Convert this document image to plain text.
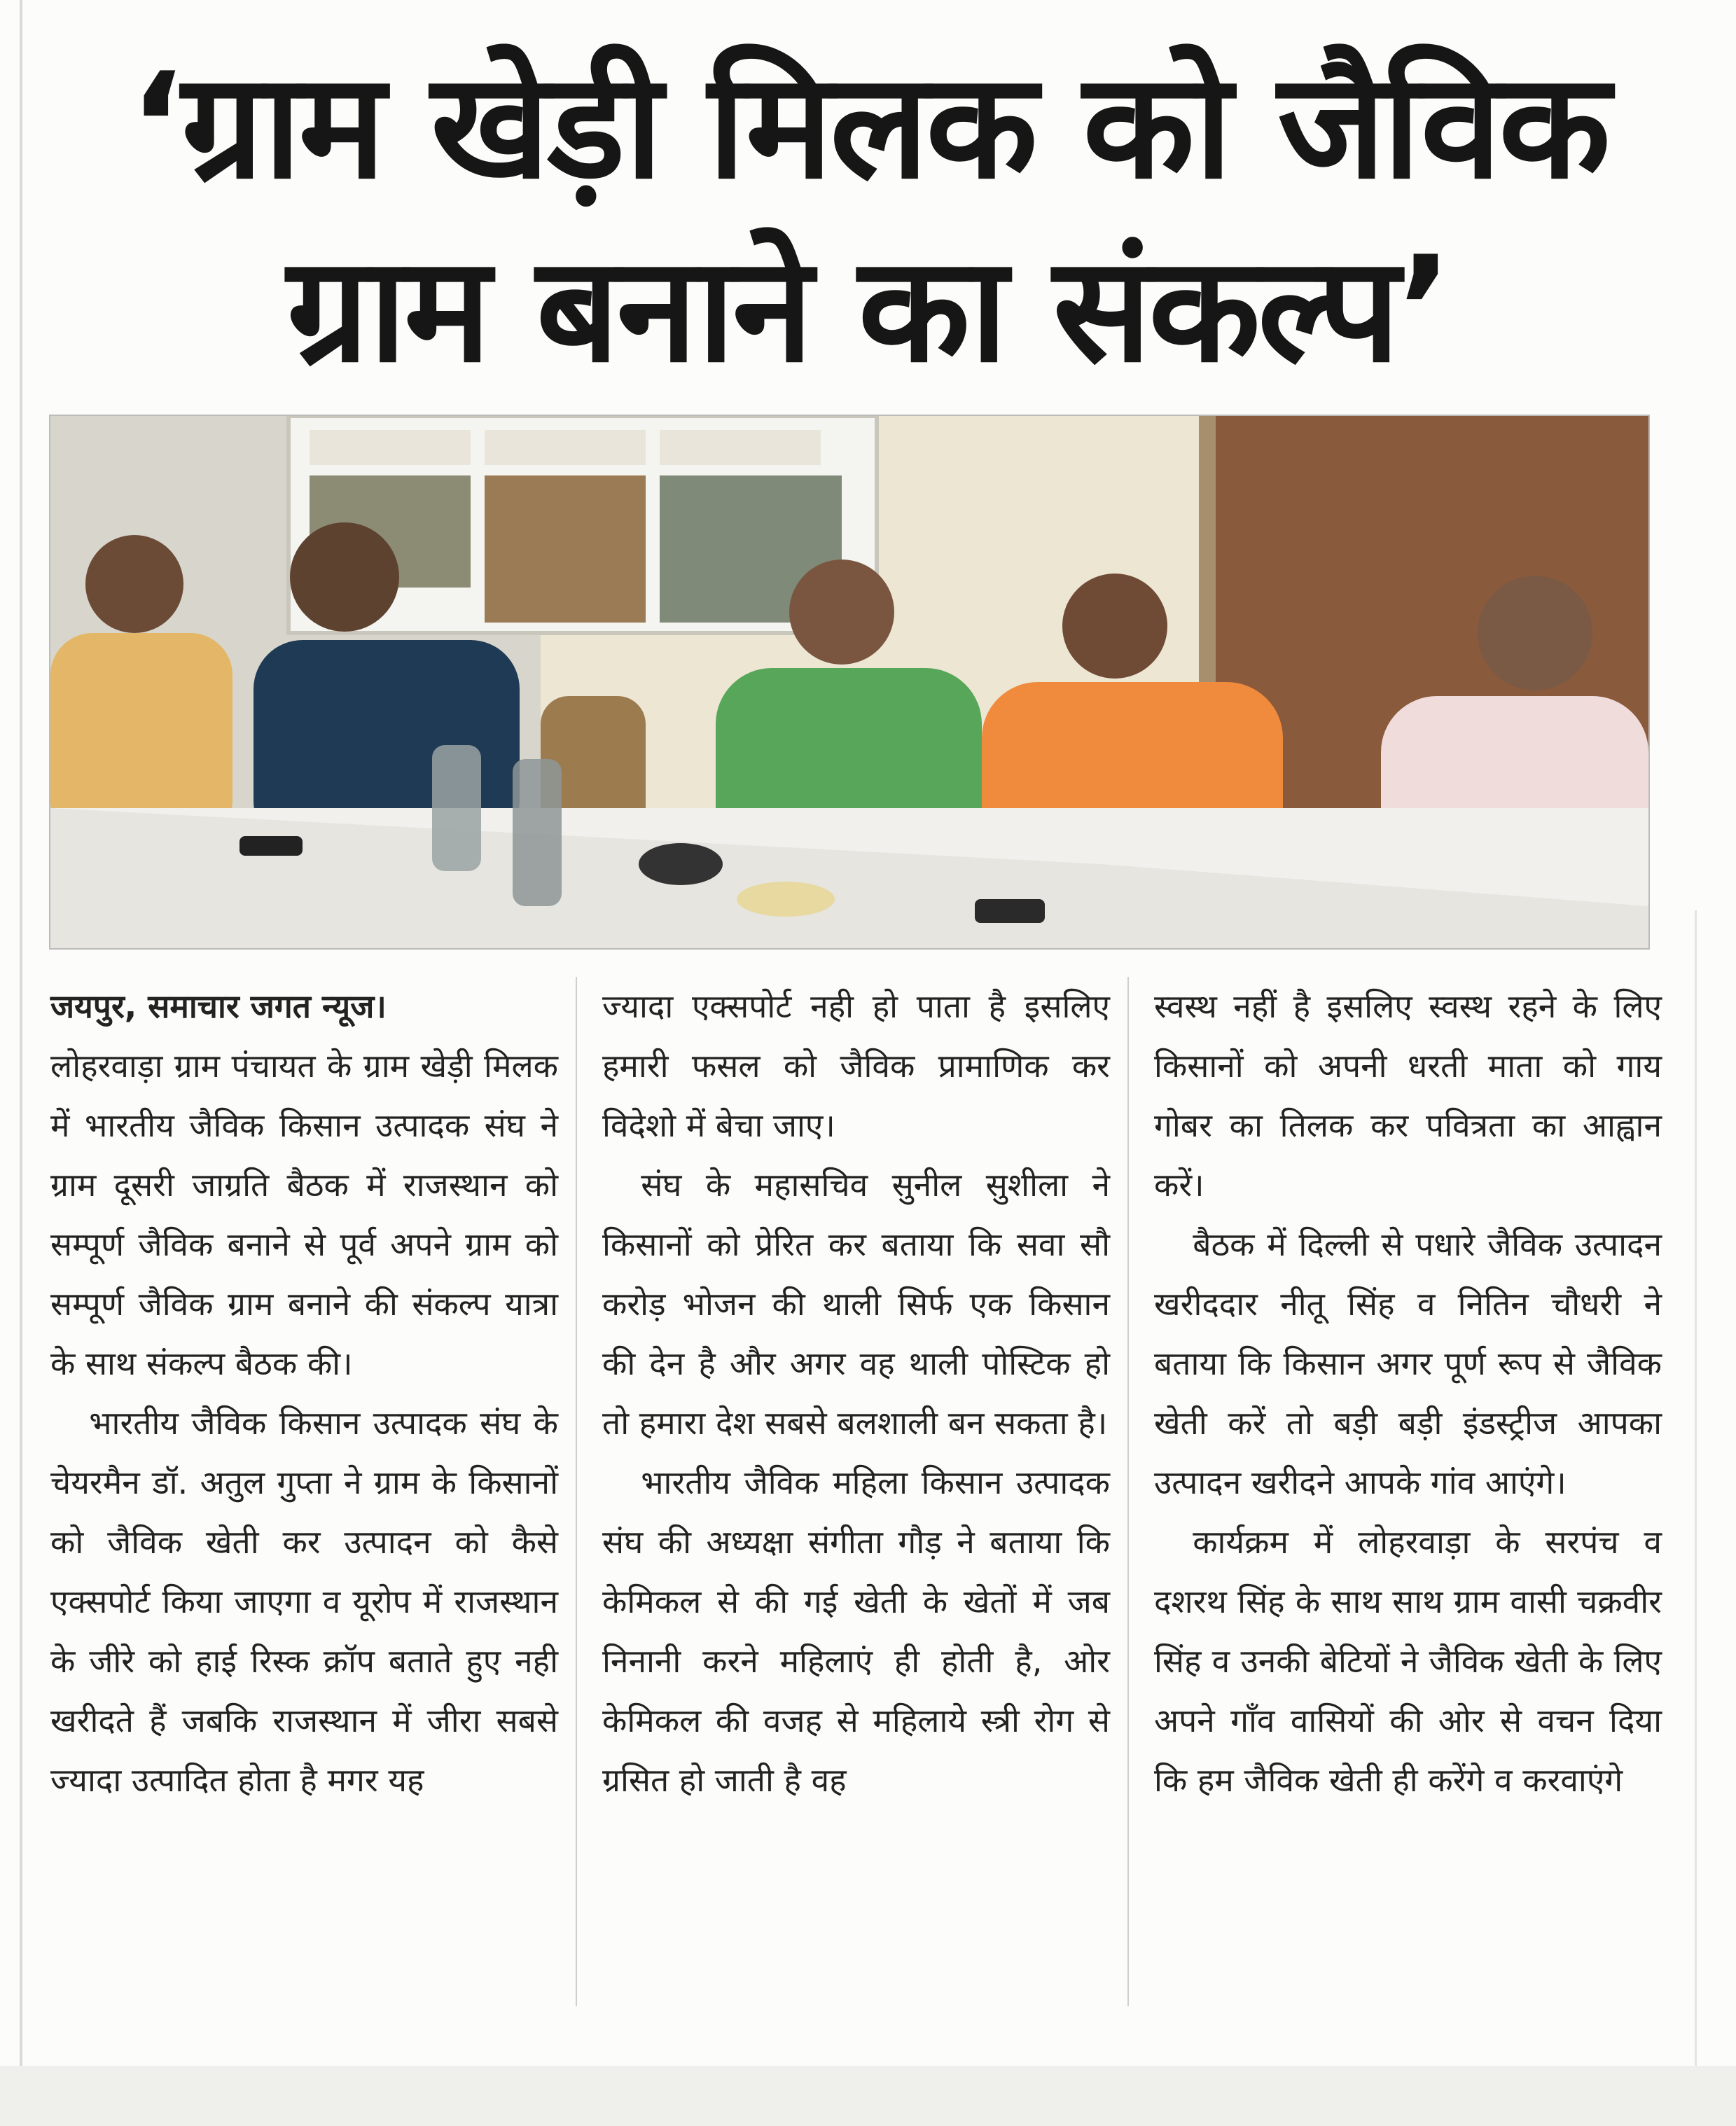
‘ग्राम खेड़ी मिलक को जैविक
ग्राम बनाने का संकल्प’

जयपुर, समाचार जगत न्यूज।
लोहरवाड़ा ग्राम पंचायत के ग्राम खेड़ी मिलक में भारतीय जैविक किसान उत्पादक संघ ने ग्राम दूसरी जाग्रति बैठक में राजस्थान को सम्पूर्ण जैविक बनाने से पूर्व अपने ग्राम को सम्पूर्ण जैविक ग्राम बनाने की संकल्प यात्रा के साथ संकल्प बैठक की।

भारतीय जैविक किसान उत्पादक संघ के चेयरमैन डॉ. अतुल गुप्ता ने ग्राम के किसानों को जैविक खेती कर उत्पादन को कैसे एक्सपोर्ट किया जाएगा व यूरोप में राजस्थान के जीरे को हाई रिस्क क्रॉप बताते हुए नही खरीदते हैं जबकि राजस्थान में जीरा सबसे ज्यादा उत्पादित होता है मगर यह

ज्यादा एक्सपोर्ट नही हो पाता है इसलिए हमारी फसल को जैविक प्रामाणिक कर विदेशो में बेचा जाए।

संघ के महासचिव सुनील सुशीला ने किसानों को प्रेरित कर बताया कि सवा सौ करोड़ भोजन की थाली सिर्फ एक किसान की देन है और अगर वह थाली पोस्टिक हो तो हमारा देश सबसे बलशाली बन सकता है।

भारतीय जैविक महिला किसान उत्पादक संघ की अध्यक्षा संगीता गौड़ ने बताया कि केमिकल से की गई खेती के खेतों में जब निनानी करने महिलाएं ही होती है, ओर केमिकल की वजह से महिलाये स्त्री रोग से ग्रसित हो जाती है वह

स्वस्थ नहीं है इसलिए स्वस्थ रहने के लिए किसानों को अपनी धरती माता को गाय गोबर का तिलक कर पवित्रता का आह्वान करें।

बैठक में दिल्ली से पधारे जैविक उत्पादन खरीददार नीतू सिंह व नितिन चौधरी ने बताया कि किसान अगर पूर्ण रूप से जैविक खेती करें तो बड़ी बड़ी इंडस्ट्रीज आपका उत्पादन खरीदने आपके गांव आएंगे।

कार्यक्रम में लोहरवाड़ा के सरपंच व दशरथ सिंह के साथ साथ ग्राम वासी चक्रवीर सिंह व उनकी बेटियों ने जैविक खेती के लिए अपने गाँव वासियों की ओर से वचन दिया कि हम जैविक खेती ही करेंगे व करवाएंगे
